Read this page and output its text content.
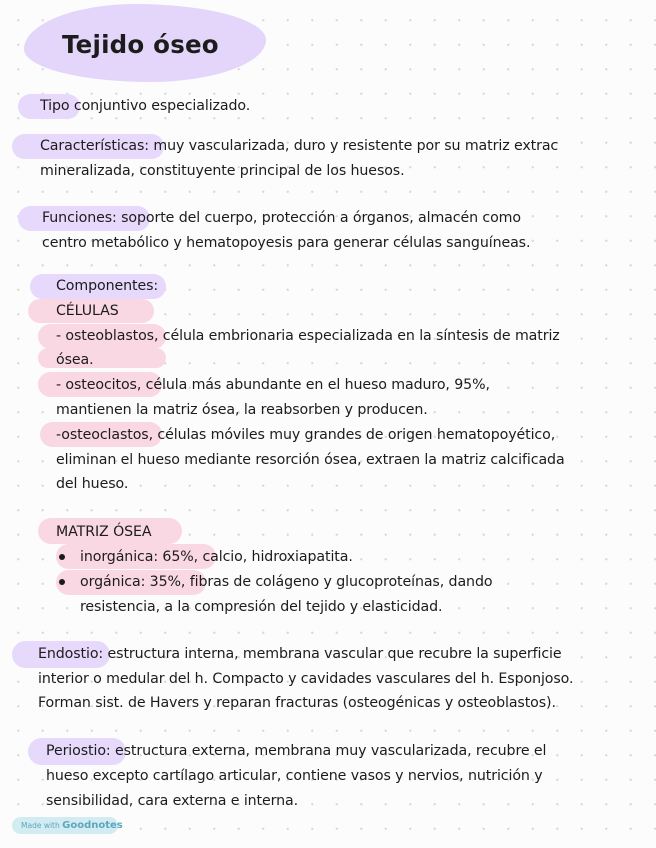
Tejido óseo
Tipo conjuntivo especializado.
Características: muy vascularizada, duro y resistente por su matriz extrac
mineralizada, constituyente principal de los huesos.
Funciones: soporte del cuerpo, protección a órganos, almacén como
centro metabólico y hematopoyesis para generar células sanguíneas.
Componentes:
CÉLULAS
- osteoblastos, célula embrionaria especializada en la síntesis de matriz
ósea.
- osteocitos, célula más abundante en el hueso maduro, 95%,
mantienen la matriz ósea, la reabsorben y producen.
-osteoclastos, células móviles muy grandes de origen hematopoyético,
eliminan el hueso mediante resorción ósea, extraen la matriz calcificada
del hueso.
MATRIZ ÓSEA
inorgánica: 65%, calcio, hidroxiapatita.
orgánica: 35%, fibras de colágeno y glucoproteínas, dando
resistencia, a la compresión del tejido y elasticidad.
Endostio: estructura interna, membrana vascular que recubre la superficie
interior o medular del h. Compacto y cavidades vasculares del h. Esponjoso.
Forman sist. de Havers y reparan fracturas (osteogénicas y osteoblastos).
Periostio: estructura externa, membrana muy vascularizada, recubre el
hueso excepto cartílago articular, contiene vasos y nervios, nutrición y
sensibilidad, cara externa e interna.
Made with Goodnotes
